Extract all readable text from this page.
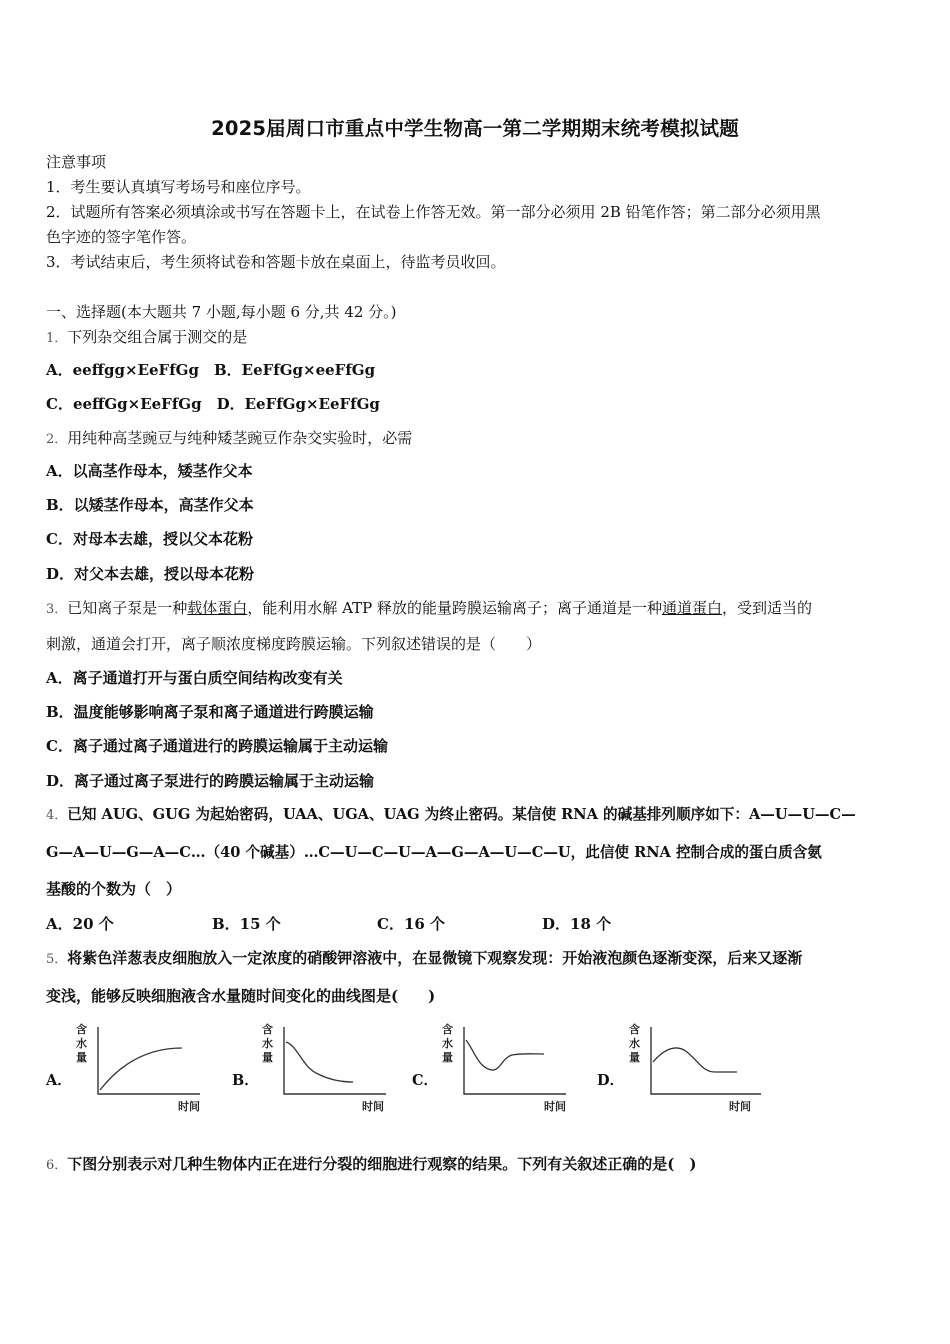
2025届周口市重点中学生物高一第二学期期末统考模拟试题
注意事项
1．考生要认真填写考场号和座位序号。
2．试题所有答案必须填涂或书写在答题卡上，在试卷上作答无效。第一部分必须用 2B 铅笔作答；第二部分必须用黑
色字迹的签字笔作答。
3．考试结束后，考生须将试卷和答题卡放在桌面上，待监考员收回。
一、选择题(本大题共 7 小题,每小题 6 分,共 42 分。)
1．下列杂交组合属于测交的是
A．eeffgg×EeFfGg　B．EeFfGg×eeFfGg
C．eeffGg×EeFfGg　D．EeFfGg×EeFfGg
2．用纯种高茎豌豆与纯种矮茎豌豆作杂交实验时，必需
A．以高茎作母本，矮茎作父本
B．以矮茎作母本，高茎作父本
C．对母本去雄，授以父本花粉
D．对父本去雄，授以母本花粉
3．已知离子泵是一种载体蛋白，能利用水解 ATP 释放的能量跨膜运输离子；离子通道是一种通道蛋白，受到适当的
刺激，通道会打开，离子顺浓度梯度跨膜运输。下列叙述错误的是（　　）
A．离子通道打开与蛋白质空间结构改变有关
B．温度能够影响离子泵和离子通道进行跨膜运输
C．离子通过离子通道进行的跨膜运输属于主动运输
D．离子通过离子泵进行的跨膜运输属于主动运输
4．已知 AUG、GUG 为起始密码，UAA、UGA、UAG 为终止密码。某信使 RNA 的碱基排列顺序如下：A—U—U—C—
G—A—U—G—A—C…（40 个碱基）…C—U—C—U—A—G—A—U—C—U，此信使 RNA 控制合成的蛋白质含氨
基酸的个数为（　）
A．20 个	B．15 个	C．16 个	D．18 个
5．将紫色洋葱表皮细胞放入一定浓度的硝酸钾溶液中，在显微镜下观察发现：开始液泡颜色逐渐变深，后来又逐渐
变浅，能够反映细胞液含水量随时间变化的曲线图是(　　)
A．
含
水
量
时间
B．
含
水
量
时间
C．
含
水
量
时间
D．
含
水
量
时间
6．下图分别表示对几种生物体内正在进行分裂的细胞进行观察的结果。下列有关叙述正确的是(　)
